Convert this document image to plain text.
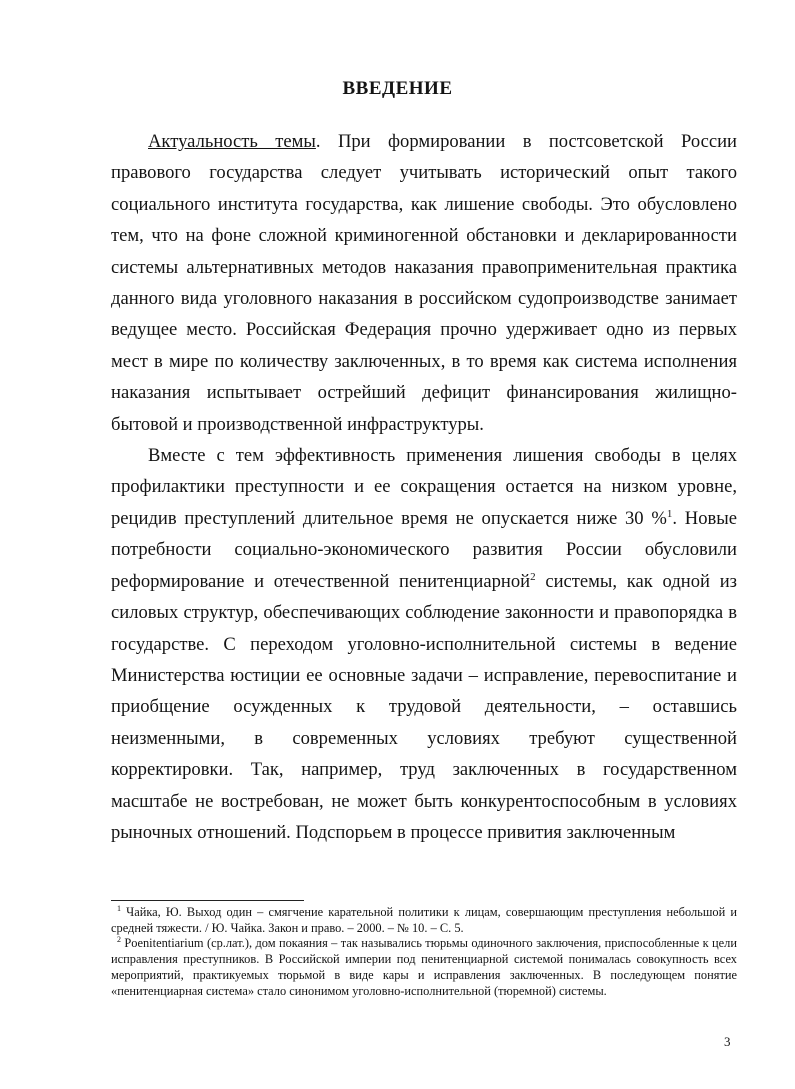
ВВЕДЕНИЕ

Актуальность темы. При формировании в постсоветской России правового государства следует учитывать исторический опыт такого социального института государства, как лишение свободы. Это обусловлено тем, что на фоне сложной криминогенной обстановки и декларированности системы альтернативных методов наказания правоприменительная практика данного вида уголовного наказания в российском судопроизводстве занимает ведущее место. Российская Федерация прочно удерживает одно из первых мест в мире по количеству заключенных, в то время как система исполнения наказания испытывает острейший дефицит финансирования жилищно-бытовой и производственной инфраструктуры.

Вместе с тем эффективность применения лишения свободы в целях профилактики преступности и ее сокращения остается на низком уровне, рецидив преступлений длительное время не опускается ниже 30 %$^1$. Новые потребности социально-экономического развития России обусловили реформирование и отечественной пенитенциарной$^2$ системы, как одной из силовых структур, обеспечивающих соблюдение законности и правопорядка в государстве. С переходом уголовно-исполнительной системы в ведение Министерства юстиции ее основные задачи – исправление, перевоспитание и приобщение осужденных к трудовой деятельности, – оставшись неизменными, в современных условиях требуют существенной корректировки. Так, например, труд заключенных в государственном масштабе не востребован, не может быть конкурентоспособным в условиях рыночных отношений. Подспорьем в процессе привития заключенным

$^1$ Чайка, Ю. Выход один – смягчение карательной политики к лицам, совершающим преступления небольшой и средней тяжести. / Ю. Чайка. Закон и право. – 2000. – № 10. – С. 5.

$^2$ Poenitentiarium (ср.лат.), дом покаяния – так назывались тюрьмы одиночного заключения, приспособленные к цели исправления преступников. В Российской империи под пенитенциарной системой понималась совокупность всех мероприятий, практикуемых тюрьмой в виде кары и исправления заключенных. В последующем понятие «пенитенциарная система» стало синонимом уголовно-исполнительной (тюремной) системы.

3
